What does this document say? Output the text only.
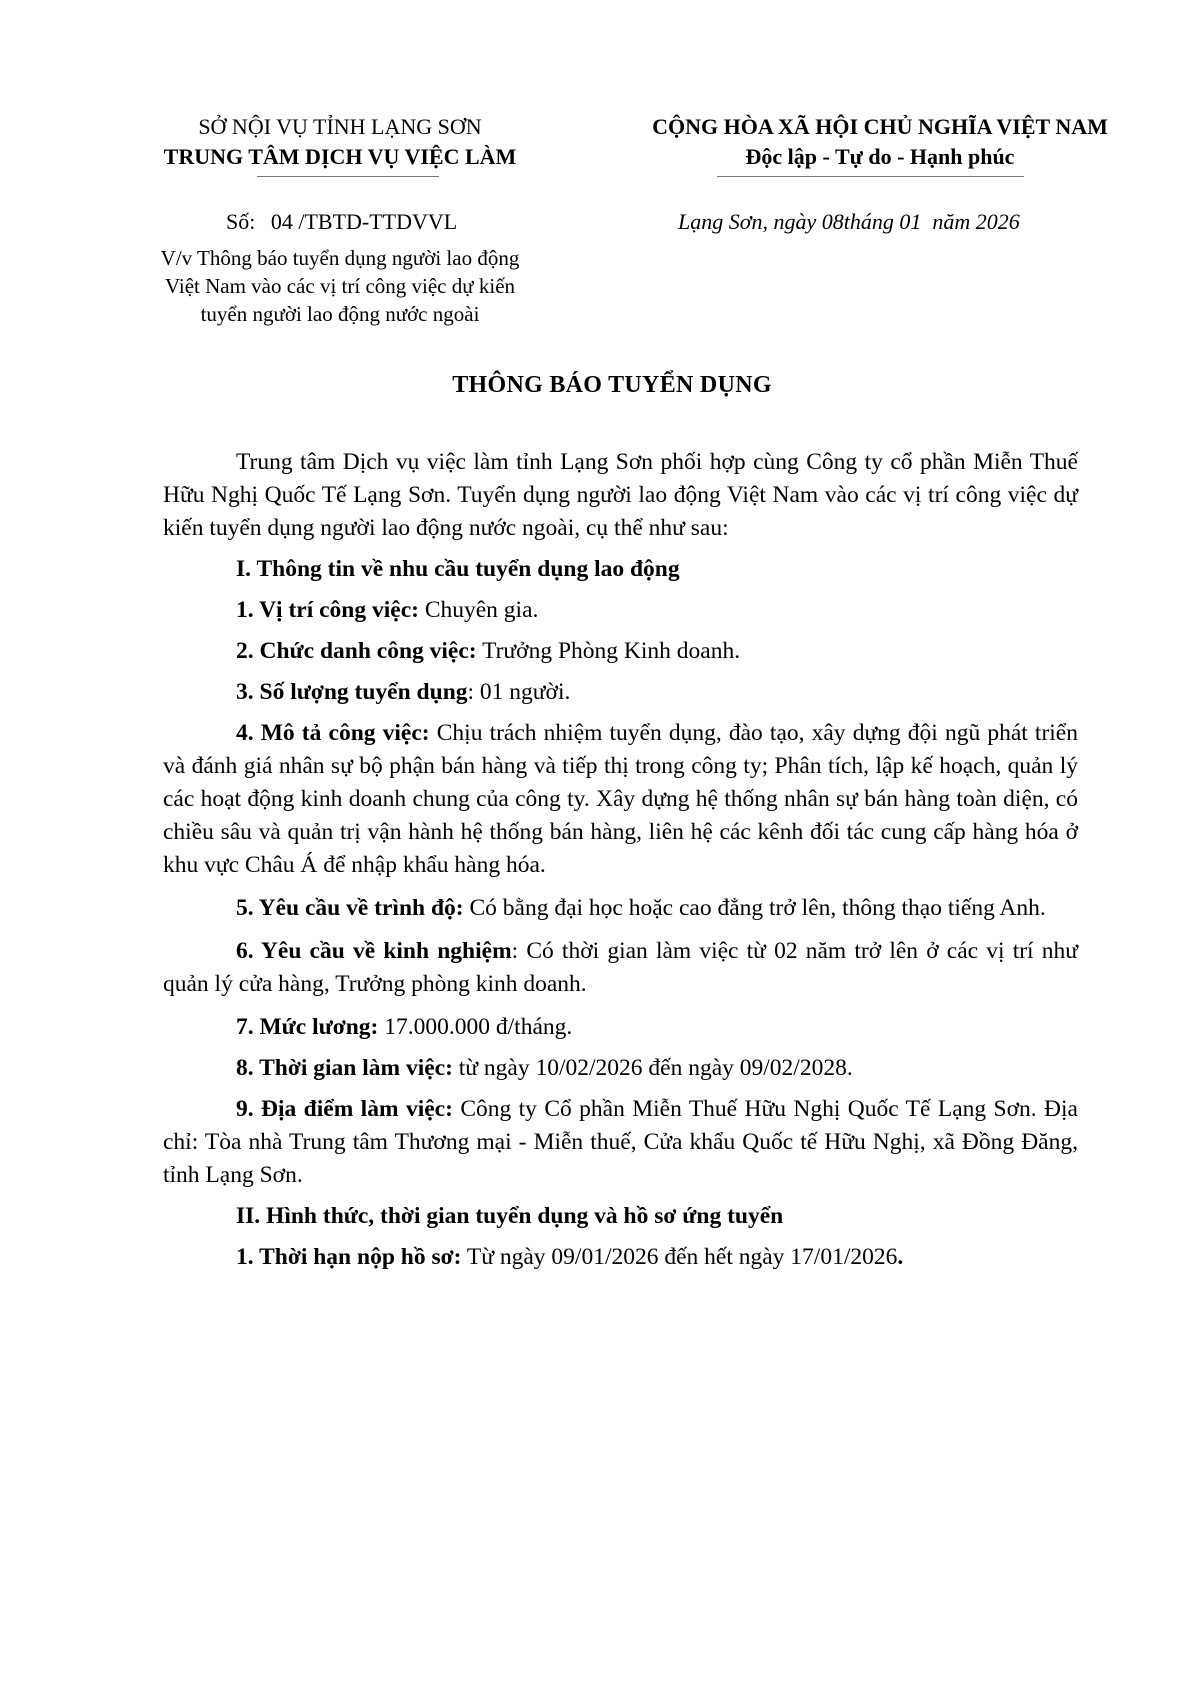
SỞ NỘI VỤ TỈNH LẠNG SƠN
TRUNG TÂM DỊCH VỤ VIỆC LÀM
CỘNG HÒA XÃ HỘI CHỦ NGHĨA VIỆT NAM
Độc lập - Tự do - Hạnh phúc
Số: 04 /TBTD-TTDVVL	Lạng Sơn, ngày 08tháng 01  năm 2026
V/v Thông báo tuyển dụng người lao động
Việt Nam vào các vị trí công việc dự kiến
tuyển người lao động nước ngoài
THÔNG BÁO TUYỂN DỤNG

Trung tâm Dịch vụ việc làm tỉnh Lạng Sơn phối hợp cùng Công ty cổ phần Miễn Thuế Hữu Nghị Quốc Tế Lạng Sơn. Tuyển dụng người lao động Việt Nam vào các vị trí công việc dự kiến tuyển dụng người lao động nước ngoài, cụ thể như sau:

I. Thông tin về nhu cầu tuyển dụng lao động

1. Vị trí công việc: Chuyên gia.

2. Chức danh công việc: Trưởng Phòng Kinh doanh.

3. Số lượng tuyển dụng: 01 người.

4. Mô tả công việc: Chịu trách nhiệm tuyển dụng, đào tạo, xây dựng đội ngũ phát triển và đánh giá nhân sự bộ phận bán hàng và tiếp thị trong công ty; Phân tích, lập kế hoạch, quản lý các hoạt động kinh doanh chung của công ty. Xây dựng hệ thống nhân sự bán hàng toàn diện, có chiều sâu và quản trị vận hành hệ thống bán hàng, liên hệ các kênh đối tác cung cấp hàng hóa ở khu vực Châu Á để nhập khẩu hàng hóa.

5. Yêu cầu về trình độ: Có bằng đại học hoặc cao đẳng trở lên, thông thạo tiếng Anh.

6. Yêu cầu về kinh nghiệm: Có thời gian làm việc từ 02 năm trở lên ở các vị trí như quản lý cửa hàng, Trưởng phòng kinh doanh.

7. Mức lương: 17.000.000 đ/tháng.

8. Thời gian làm việc: từ ngày 10/02/2026 đến ngày 09/02/2028.

9. Địa điểm làm việc: Công ty Cổ phần Miễn Thuế Hữu Nghị Quốc Tế Lạng Sơn. Địa chỉ: Tòa nhà Trung tâm Thương mại - Miễn thuế, Cửa khẩu Quốc tế Hữu Nghị, xã Đồng Đăng, tỉnh Lạng Sơn.

II. Hình thức, thời gian tuyển dụng và hồ sơ ứng tuyển

1. Thời hạn nộp hồ sơ: Từ ngày 09/01/2026 đến hết ngày 17/01/2026.
